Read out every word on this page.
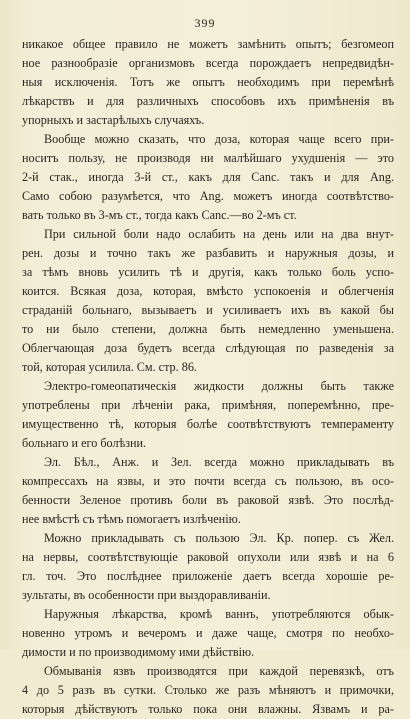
399
никакое общее правило не можетъ замѣнить опытъ; безгомеоп
ное разнообразіе организмовъ всегда порождаетъ непредвидѣн-
ныя исключенія. Тотъ же опытъ необходимъ при перемѣнѣ
лѣкарствъ и для различныхъ способовъ ихъ примѣненія въ
упорныхъ и застарѣлыхъ случаяхъ.
Вообще можно сказать, что доза, которая чаще всего при-
носитъ пользу, не производя ни малѣйшаго ухудшенія — это
2-й стак., иногда 3-й ст., какъ для Canc. такъ и для Ang.
Само собою разумѣется, что Ang. можетъ иногда соотвѣтство-
вать только въ 3-мъ ст., тогда какъ Canc.—во 2-мъ ст.
При сильной боли надо ослабить на день или на два внут-
рен. дозы и точно такъ же разбавить и наружныя дозы, и
за тѣмъ вновь усилить тѣ и другія, какъ только боль успо-
коится. Всякая доза, которая, вмѣсто успокоенія и облегченія
страданій больнаго, вызываетъ и усиливаетъ ихъ въ какой бы
то ни было степени, должна быть немедленно уменьшена.
Облегчающая доза будетъ всегда слѣдующая по разведенія за
той, которая усилила. См. стр. 86.
Электро-гомеопатическія жидкости должны быть также
употреблены при лѣченіи рака, примѣняя, поперемѣнно, пре-
имущественно тѣ, которыя болѣе соотвѣтствуютъ темпераменту
больнаго и его болѣзни.
Эл. Бѣл., Анж. и Зел. всегда можно прикладывать въ
компрессахъ на язвы, и это почти всегда съ пользою, въ осо-
бенности Зеленое противъ боли въ раковой язвѣ. Это послѣд-
нее вмѣстѣ съ тѣмъ помогаетъ излѣченію.
Можно прикладывать съ пользою Эл. Кр. попер. съ Жел.
на нервы, соотвѣтствующіе раковой опухоли или язвѣ и на 6
гл. точ. Это послѣднее приложеніе даетъ всегда хорошіе ре-
зультаты, въ особенности при выздоравливаніи.
Наружныя лѣкарства, кромѣ ваннъ, употребляются обык-
новенно утромъ и вечеромъ и даже чаще, смотря по необхо-
димости и по производимому ими дѣйствію.
Обмыванія язвъ производятся при каждой перевязкѣ, отъ
4 до 5 разъ въ сутки. Столько же разъ мѣняютъ и примочки,
которыя дѣйствуютъ только пока они влажны. Язвамъ и ра-
